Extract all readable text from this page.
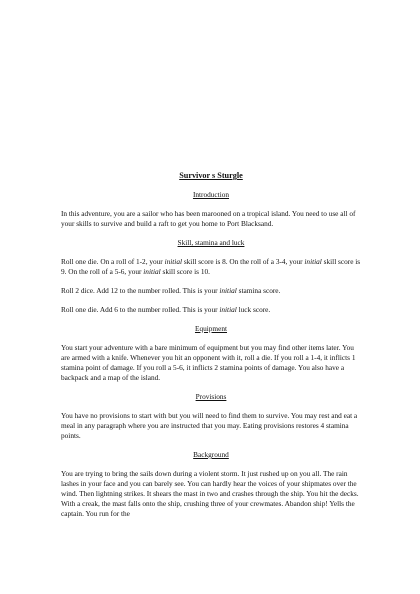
Survivor s Sturgle
Introduction

In this adventure, you are a sailor who has been marooned on a tropical island. You need to use all of your skills to survive and build a raft to get you home to Port Blacksand.

Skill, stamina and luck

Roll one die. On a roll of 1-2, your initial skill score is 8. On the roll of a 3-4, your initial skill score is 9. On the roll of a 5-6, your initial skill score is 10.

Roll 2 dice. Add 12 to the number rolled. This is your initial stamina score.

Roll one die. Add 6 to the number rolled. This is your initial luck score.

Equipment

You start your adventure with a bare minimum of equipment but you may find other items later. You are armed with a knife. Whenever you hit an opponent with it, roll a die. If you roll a 1-4, it inflicts 1 stamina point of damage. If you roll a 5-6, it inflicts 2 stamina points of damage. You also have a backpack and a map of the island.

Provisions

You have no provisions to start with but you will need to find them to survive. You may rest and eat a meal in any paragraph where you are instructed that you may. Eating provisions restores 4 stamina points.

Background

You are trying to bring the sails down during a violent storm. It just rushed up on you all. The rain lashes in your face and you can barely see. You can hardly hear the voices of your shipmates over the wind. Then lightning strikes. It shears the mast in two and crashes through the ship. You hit the decks. With a creak, the mast falls onto the ship, crushing three of your crewmates. Abandon ship! Yells the captain. You run for the
